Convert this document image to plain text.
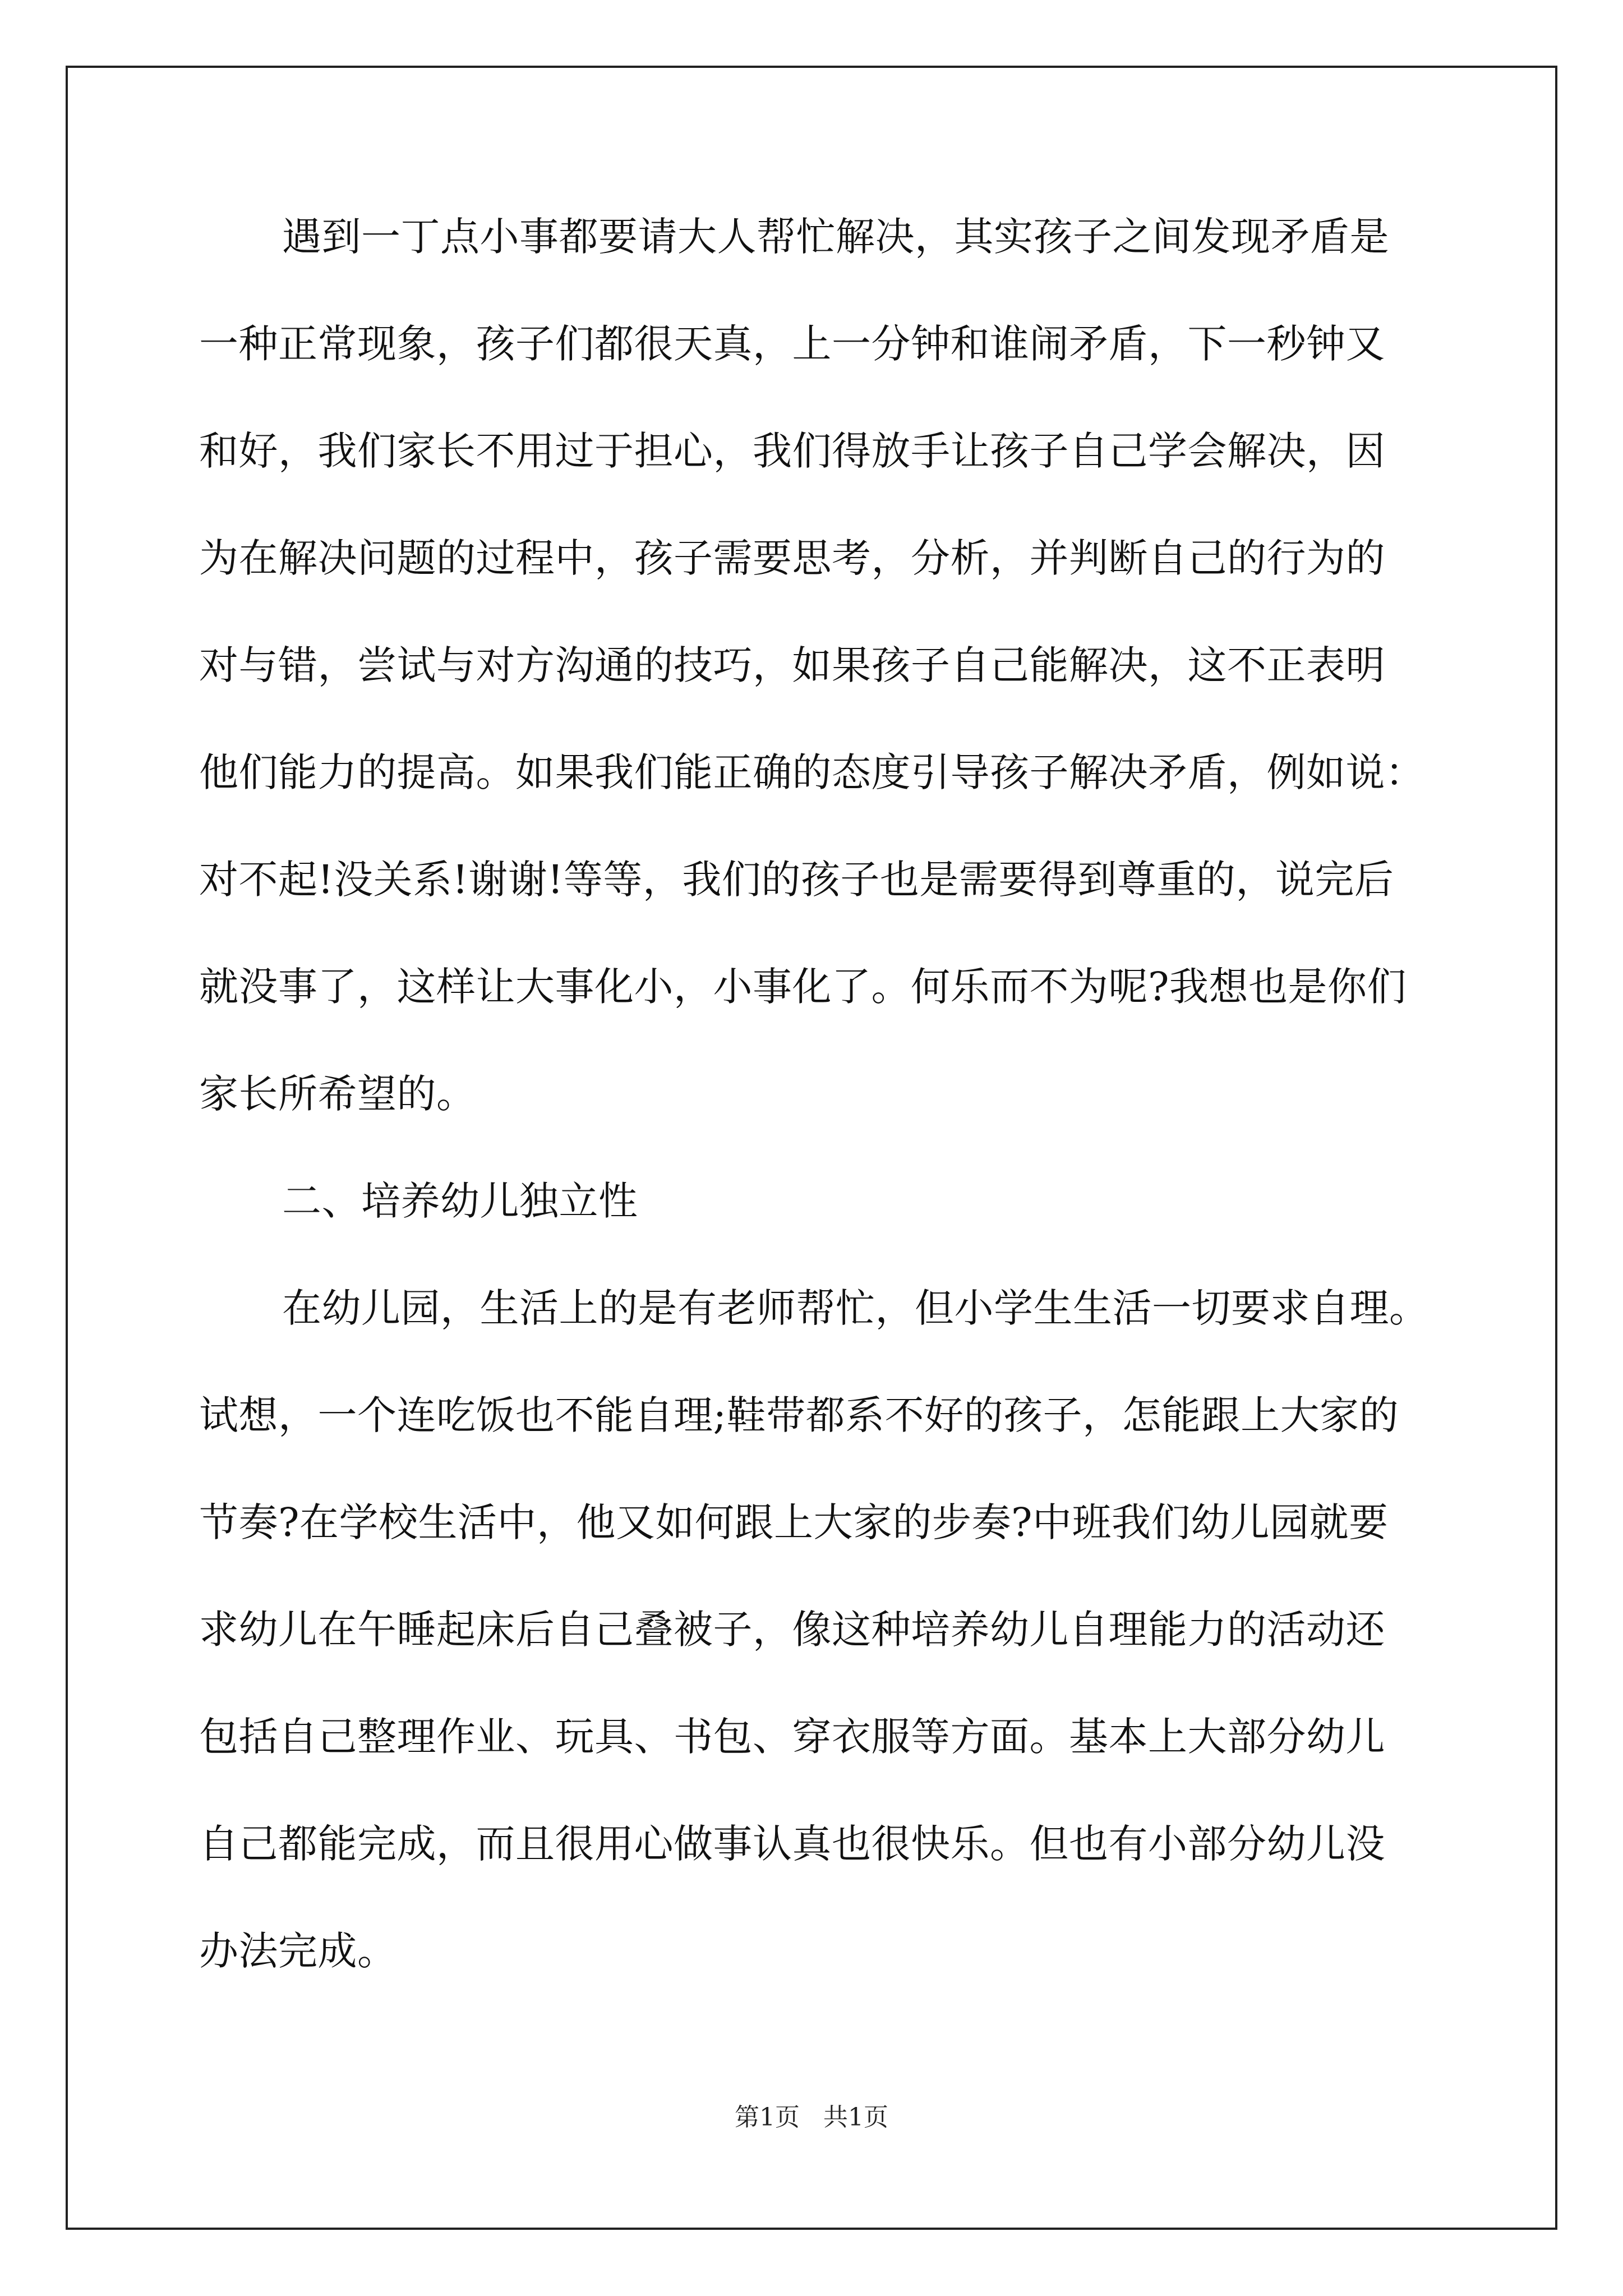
遇到一丁点小事都要请大人帮忙解决，其实孩子之间发现矛盾是
一种正常现象，孩子们都很天真，上一分钟和谁闹矛盾，下一秒钟又
和好，我们家长不用过于担心，我们得放手让孩子自己学会解决，因
为在解决问题的过程中，孩子需要思考，分析，并判断自己的行为的
对与错，尝试与对方沟通的技巧，如果孩子自己能解决，这不正表明
他们能力的提高。如果我们能正确的态度引导孩子解决矛盾，例如说：
对不起!没关系!谢谢!等等，我们的孩子也是需要得到尊重的，说完后
就没事了，这样让大事化小，小事化了。何乐而不为呢?我想也是你们
家长所希望的。
二、培养幼儿独立性
在幼儿园，生活上的是有老师帮忙，但小学生生活一切要求自理。
试想，一个连吃饭也不能自理;鞋带都系不好的孩子，怎能跟上大家的
节奏?在学校生活中，他又如何跟上大家的步奏?中班我们幼儿园就要
求幼儿在午睡起床后自己叠被子，像这种培养幼儿自理能力的活动还
包括自己整理作业、玩具、书包、穿衣服等方面。基本上大部分幼儿
自己都能完成，而且很用心做事认真也很快乐。但也有小部分幼儿没
办法完成。
第1页   共1页
